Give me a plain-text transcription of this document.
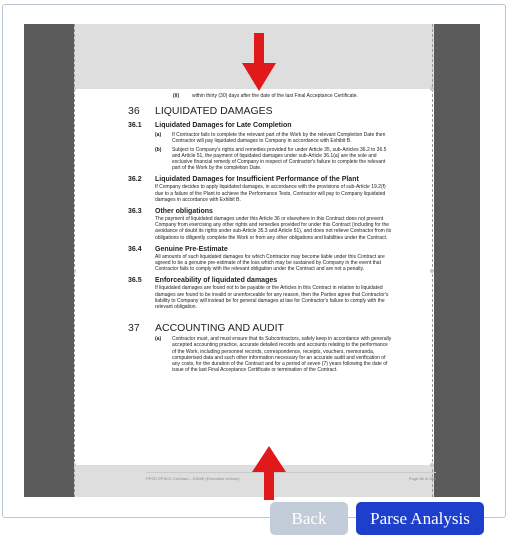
(ii)	within thirty (30) days after the date of the last Final Acceptance Certificate.
36 LIQUIDATED DAMAGES
36.1 Liquidated Damages for Late Completion
(a) If Contractor fails to complete the relevant part of the Work by the relevant Completion Date then Contractor will pay liquidated damages to Company in accordance with Exhibit B.
(b) Subject to Company's rights and remedies provided for under Article 35, sub-Articles 36.2 to 36.5 and Article 51, the payment of liquidated damages under sub-Article 36.1(a) are the sole and exclusive financial remedy of Company in respect of Contractor's failure to complete the relevant part of the Work by the completion Date.
36.2 Liquidated Damages for Insufficient Performance of the Plant
If Company decides to apply liquidated damages, in accordance with the provisions of sub-Article 19.2(f) due to a failure of the Plant to achieve the Performance Tests, Contractor will pay to Company liquidated damages in accordance with Exhibit B.
36.3 Other obligations
The payment of liquidated damages under this Article 36 or elsewhere in this Contract does not prevent Company from exercising any other rights and remedies provided for under this Contract (including for the avoidance of doubt its rights under sub-Article 35.3 and Article 51), and does not relieve Contractor from its obligations to diligently complete the Work or from any other obligations and liabilities under the Contract.
36.4 Genuine Pre-Estimate
All amounts of such liquidated damages for which Contractor may become liable under this Contract are agreed to be a genuine pre-estimate of the loss which may be sustained by Company in the event that Contractor fails to comply with the relevant obligation under the Contract and are not a penalty.
36.5 Enforceability of liquidated damages
If liquidated damages are found not to be payable or the Articles in this Contract in relation to liquidated damages are found to be invalid or unenforceable for any reason, then the Parties agree that Contractor's liability to Company will instead be for general damages at law for Contractor's failure to comply with the relevant obligation.
37 ACCOUNTING AND AUDIT
(a) Contractor must, and must ensure that its Subcontractors, safely keep in accordance with generally accepted accounting practice, accurate detailed records and accounts relating to the performance of the Work, including personnel records, correspondence, receipts, vouchers, memoranda, computerised data and such other information necessary for an accurate audit and verification of any costs, for the duration of the Contract and for a period of seven (7) years following the date of issue of the last Final Acceptance Certificate or termination of the Contract.
PPSO EPSCC Contract – DSME (Execution version)	Page 86 of 285
Back	Parse Analysis
